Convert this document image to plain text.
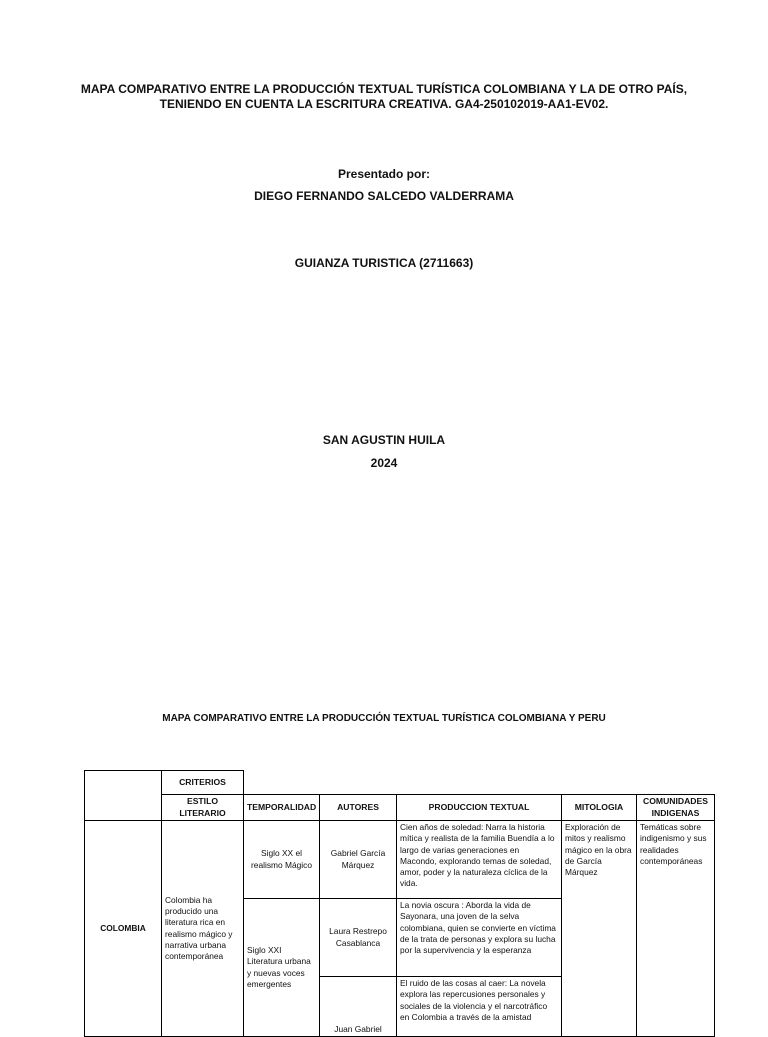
MAPA COMPARATIVO ENTRE LA PRODUCCIÓN TEXTUAL TURÍSTICA COLOMBIANA Y LA DE OTRO PAÍS, TENIENDO EN CUENTA LA ESCRITURA CREATIVA. GA4-250102019-AA1-EV02.
Presentado por:
DIEGO FERNANDO SALCEDO VALDERRAMA
GUIANZA TURISTICA (2711663)
SAN AGUSTIN HUILA
2024
MAPA COMPARATIVO ENTRE LA PRODUCCIÓN TEXTUAL TURÍSTICA COLOMBIANA Y PERU
	CRITERIOS					
	ESTILO LITERARIO	TEMPORALIDAD	AUTORES	PRODUCCION TEXTUAL	MITOLOGIA	COMUNIDADES INDIGENAS
COLOMBIA	Colombia ha producido una literatura rica en realismo mágico y narrativa urbana contemporánea	Siglo XX el realismo Mágico	Gabriel García Márquez	Cien años de soledad: Narra la historia mítica y realista de la familia Buendía a lo largo de varias generaciones en Macondo, explorando temas de soledad, amor, poder y la naturaleza cíclica de la vida.	Exploración de mitos y realismo mágico en la obra de García Márquez	Temáticas sobre indigenismo y sus realidades contemporáneas
		Siglo XXI Literatura urbana y nuevas voces emergentes	Laura Restrepo Casablanca	La novia oscura : Aborda la vida de Sayonara, una joven de la selva colombiana, quien se convierte en víctima de la trata de personas y explora su lucha por la supervivencia y la esperanza		
			Juan Gabriel	El ruido de las cosas al caer: La novela explora las repercusiones personales y sociales de la violencia y el narcotráfico en Colombia a través de la amistad		
